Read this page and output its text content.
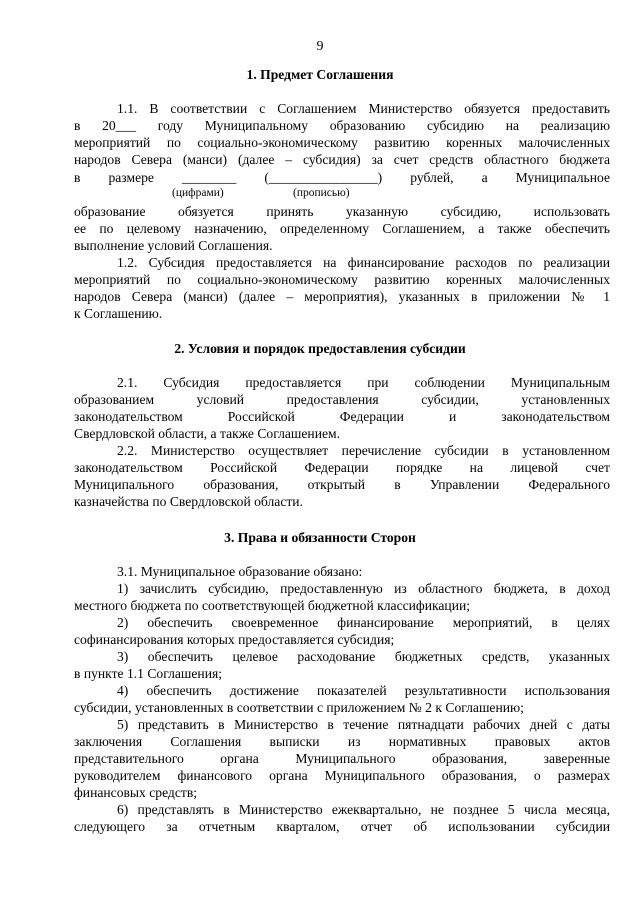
9

1. Предмет Соглашения

1.1. В соответствии с Соглашением Министерство обязуется предоставить

в 20___ году Муниципальному образованию субсидию на реализацию

мероприятий по социально-экономическому развитию коренных малочисленных

народов Севера (манси) (далее – субсидия) за счет средств областного бюджета

в размере ________ (________________) рублей, а Муниципальное

(цифрами)	(прописью)

образование обязуется принять указанную субсидию, использовать

ее по целевому назначению, определенному Соглашением, а также обеспечить

выполнение условий Соглашения.

1.2. Субсидия предоставляется на финансирование расходов по реализации

мероприятий по социально-экономическому развитию коренных малочисленных

народов Севера (манси) (далее – мероприятия), указанных в приложении № 1

к Соглашению.

2. Условия и порядок предоставления субсидии

2.1. Субсидия предоставляется при соблюдении Муниципальным

образованием условий предоставления субсидии, установленных

законодательством Российской Федерации и законодательством

Свердловской области, а также Соглашением.

2.2. Министерство осуществляет перечисление субсидии в установленном

законодательством Российской Федерации порядке на лицевой счет

Муниципального образования, открытый в Управлении Федерального

казначейства по Свердловской области.

3. Права и обязанности Сторон

3.1. Муниципальное образование обязано:

1) зачислить субсидию, предоставленную из областного бюджета, в доход

местного бюджета по соответствующей бюджетной классификации;

2) обеспечить своевременное финансирование мероприятий, в целях

софинансирования которых предоставляется субсидия;

3) обеспечить целевое расходование бюджетных средств, указанных

в пункте 1.1 Соглашения;

4) обеспечить достижение показателей результативности использования

субсидии, установленных в соответствии с приложением № 2 к Соглашению;

5) представить в Министерство в течение пятнадцати рабочих дней с даты

заключения Соглашения выписки из нормативных правовых актов

представительного органа Муниципального образования, заверенные

руководителем финансового органа Муниципального образования, о размерах

финансовых средств;

6) представлять в Министерство ежеквартально, не позднее 5 числа месяца,

следующего за отчетным кварталом, отчет об использовании субсидии
